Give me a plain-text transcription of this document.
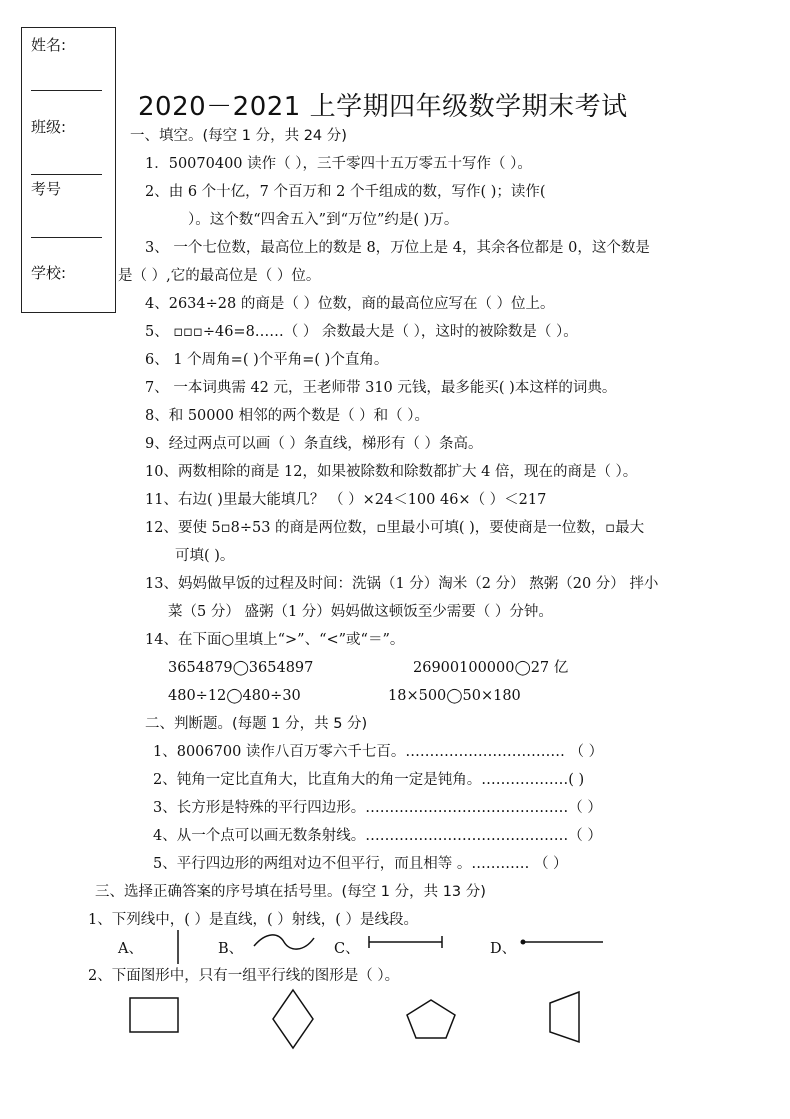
姓名:
班级:
考号
学校:
2020－2021 上学期四年级数学期末考试
一、填空。(每空 1 分，共 24 分)
1．50070400 读作（ ），三千零四十五万零五十写作（ ）。
2、由 6 个十亿，7 个百万和 2 个千组成的数，写作( )；读作(
）。这个数“四舍五入”到“万位”约是( )万。
3、 一个七位数，最高位上的数是 8，万位上是 4，其余各位都是 0，这个数是
是（ ）,它的最高位是（ ）位。
4、2634÷28 的商是（ ）位数，商的最高位应写在（ ）位上。
5、 ▫▫▫÷46=8……（ ） 余数最大是（ ），这时的被除数是（ ）。
6、 1 个周角=( )个平角=( )个直角。
7、 一本词典需 42 元，王老师带 310 元钱，最多能买( )本这样的词典。
8、和 50000 相邻的两个数是（ ）和（ ）。
9、经过两点可以画（ ）条直线，梯形有（ ）条高。
10、两数相除的商是 12，如果被除数和除数都扩大 4 倍，现在的商是（ ）。
11、右边( )里最大能填几？ （ ）×24＜100 46×（ ）＜217
12、要使 5▫8÷53 的商是两位数，▫里最小可填( )，要使商是一位数，▫最大
可填( )。
13、妈妈做早饭的过程及时间：洗锅（1 分）淘米（2 分） 熬粥（20 分） 拌小
菜（5 分） 盛粥（1 分）妈妈做这顿饭至少需要（ ）分钟。
14、在下面○里填上“>”、“<”或“＝”。
3654879◯3654897	26900100000◯27 亿
480÷12◯480÷30	18×500◯50×180
二、判断题。(每题 1 分，共 5 分)
1、8006700 读作八百万零六千七百。…………………………… （ ）
2、钝角一定比直角大，比直角大的角一定是钝角。………………( )
3、长方形是特殊的平行四边形。……………………………………（ ）
4、从一个点可以画无数条射线。……………………………………（ ）
5、平行四边形的两组对边不但平行，而且相等 。………… （ ）
三、选择正确答案的序号填在括号里。(每空 1 分，共 13 分)
1、下列线中，( ）是直线，( ）射线，( ）是线段。
A、	B、	C、	D、
2、下面图形中，只有一组平行线的图形是（ ）。
